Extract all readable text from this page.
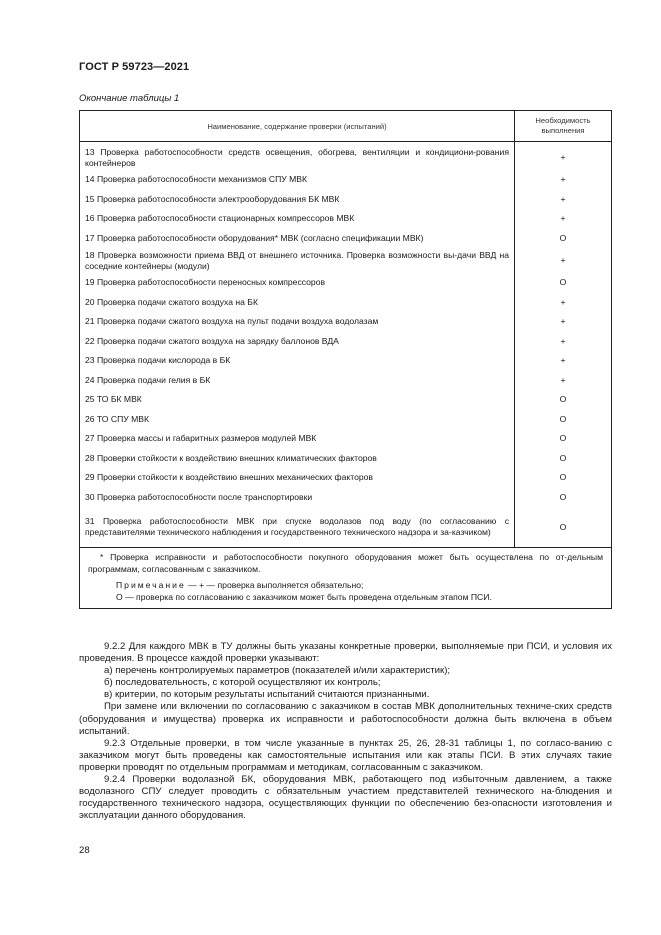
ГОСТ Р 59723—2021
Окончание таблицы 1
Наименование, содержание проверки (испытаний)	Необходимость выполнения
13 Проверка работоспособности средств освещения, обогрева, вентиляции и кондициони-рования контейнеров	+
14 Проверка работоспособности механизмов СПУ МВК	+
15 Проверка работоспособности электрооборудования БК МВК	+
16 Проверка работоспособности стационарных компрессоров МВК	+
17 Проверка работоспособности оборудования* МВК (согласно спецификации МВК)	O
18 Проверка возможности приема ВВД от внешнего источника. Проверка возможности вы-дачи ВВД на соседние контейнеры (модули)	+
19 Проверка работоспособности переносных компрессоров	O
20 Проверка подачи сжатого воздуха на БК	+
21 Проверка подачи сжатого воздуха на пульт подачи воздуха водолазам	+
22 Проверка подачи сжатого воздуха на зарядку баллонов ВДА	+
23 Проверка подачи кислорода в БК	+
24 Проверка подачи гелия в БК	+
25 ТО БК МВК	O
26 ТО СПУ МВК	O
27 Проверка массы и габаритных размеров модулей МВК	O
28 Проверки стойкости к воздействию внешних климатических факторов	O
29 Проверки стойкости к воздействию внешних механических факторов	O
30 Проверка работоспособности после транспортировки	O
31 Проверка работоспособности МВК при спуске водолазов под воду (по согласованию с представителями технического наблюдения и государственного технического надзора и за-казчиком)	O

* Проверка исправности и работоспособности покупного оборудования может быть осуществлена по от-дельным программам, согласованным с заказчиком.

Примечание — + — проверка выполняется обязательно;
О — проверка по согласованию с заказчиком может быть проведена отдельным этапом ПСИ.	

9.2.2 Для каждого МВК в ТУ должны быть указаны конкретные проверки, выполняемые при ПСИ, и условия их проведения. В процессе каждой проверки указывают:

а) перечень контролируемых параметров (показателей и/или характеристик);

б) последовательность, с которой осуществляют их контроль;

в) критерии, по которым результаты испытаний считаются признанными.

При замене или включении по согласованию с заказчиком в состав МВК дополнительных техниче-ских средств (оборудования и имущества) проверка их исправности и работоспособности должна быть включена в объем испытаний.

9.2.3 Отдельные проверки, в том числе указанные в пунктах 25, 26, 28-31 таблицы 1, по согласо-ванию с заказчиком могут быть проведены как самостоятельные испытания или как этапы ПСИ. В этих случаях такие проверки проводят по отдельным программам и методикам, согласованным с заказчиком.

9.2.4 Проверки водолазной БК, оборудования МВК, работающего под избыточным давлением, а также водолазного СПУ следует проводить с обязательным участием представителей технического на-блюдения и государственного технического надзора, осуществляющих функции по обеспечению без-опасности изготовления и эксплуатации данного оборудования.

28
